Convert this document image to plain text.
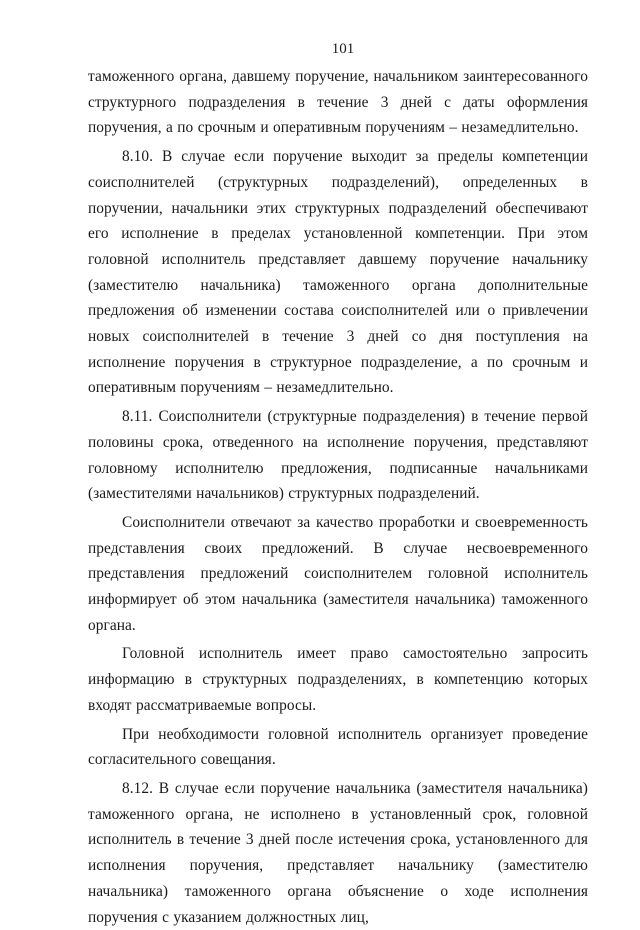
101

таможенного органа, давшему поручение, начальником заинтересованного структурного подразделения в течение 3 дней с даты оформления поручения, а по срочным и оперативным поручениям – незамедлительно.

8.10. В случае если поручение выходит за пределы компетенции соисполнителей (структурных подразделений), определенных в поручении, начальники этих структурных подразделений обеспечивают его исполнение в пределах установленной компетенции. При этом головной исполнитель представляет давшему поручение начальнику (заместителю начальника) таможенного органа дополнительные предложения об изменении состава соисполнителей или о привлечении новых соисполнителей в течение 3 дней со дня поступления на исполнение поручения в структурное подразделение, а по срочным и оперативным поручениям – незамедлительно.

8.11. Соисполнители (структурные подразделения) в течение первой половины срока, отведенного на исполнение поручения, представляют головному исполнителю предложения, подписанные начальниками (заместителями начальников) структурных подразделений.

Соисполнители отвечают за качество проработки и своевременность представления своих предложений. В случае несвоевременного представления предложений соисполнителем головной исполнитель информирует об этом начальника (заместителя начальника) таможенного органа.

Головной исполнитель имеет право самостоятельно запросить информацию в структурных подразделениях, в компетенцию которых входят рассматриваемые вопросы.

При необходимости головной исполнитель организует проведение согласительного совещания.

8.12. В случае если поручение начальника (заместителя начальника) таможенного органа, не исполнено в установленный срок, головной исполнитель в течение 3 дней после истечения срока, установленного для исполнения поручения, представляет начальнику (заместителю начальника) таможенного органа объяснение о ходе исполнения поручения с указанием должностных лиц,
